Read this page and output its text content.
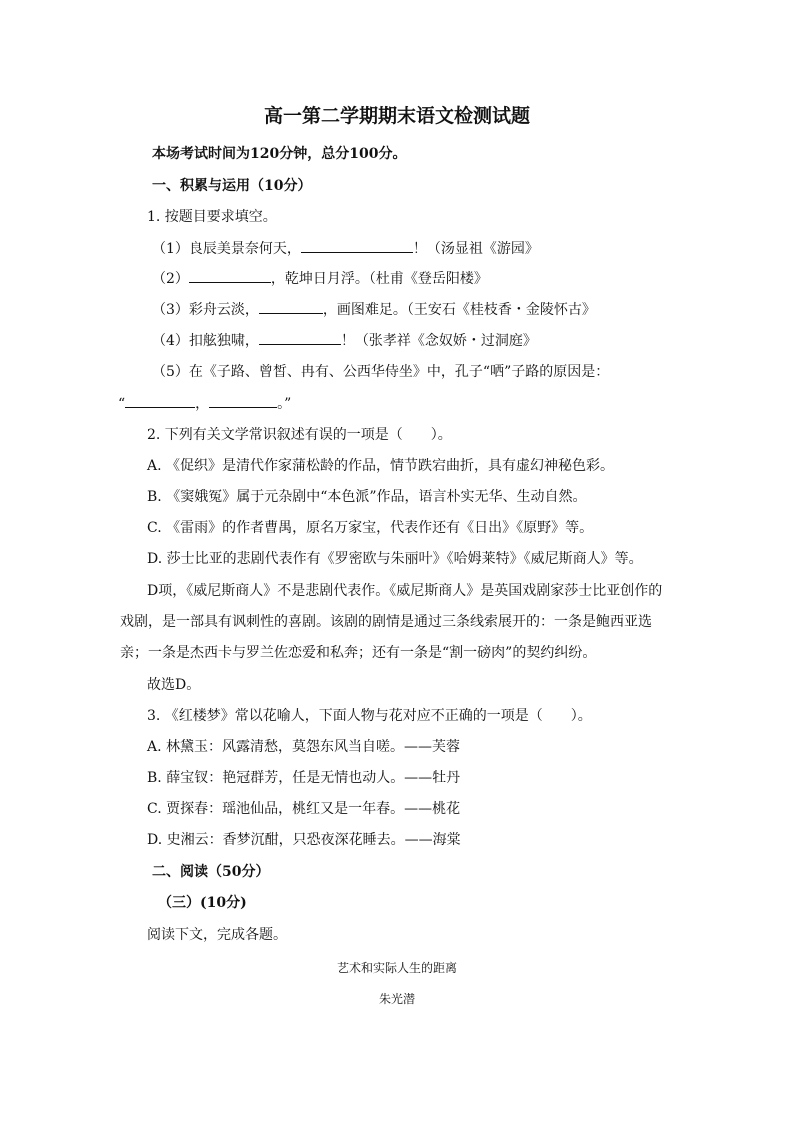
高一第二学期期末语文检测试题
本场考试时间为120分钟，总分100分。
一、积累与运用（10分）
1. 按题目要求填空。
（1）良辰美景奈何天，	！（汤显祖《游园》
（2）	，乾坤日月浮。（杜甫《登岳阳楼》
（3）彩舟云淡，	，画图难足。（王安石《桂枝香・金陵怀古》
（4）扣舷独啸，	！（张孝祥《念奴娇・过洞庭》
（5）在《子路、曾皙、冉有、公西华侍坐》中，孔子“哂”子路的原因是：
“	，	。”
2. 下列有关文学常识叙述有误的一项是（　　）。
A. 《促织》是清代作家蒲松龄的作品，情节跌宕曲折，具有虚幻神秘色彩。
B. 《窦娥冤》属于元杂剧中“本色派”作品，语言朴实无华、生动自然。
C. 《雷雨》的作者曹禺，原名万家宝，代表作还有《日出》《原野》等。
D. 莎士比亚的悲剧代表作有《罗密欧与朱丽叶》《哈姆莱特》《威尼斯商人》等。
D项，《威尼斯商人》不是悲剧代表作。《威尼斯商人》是英国戏剧家莎士比亚创作的
戏剧，是一部具有讽刺性的喜剧。该剧的剧情是通过三条线索展开的：一条是鲍西亚选
亲；一条是杰西卡与罗兰佐恋爱和私奔；还有一条是“割一磅肉”的契约纠纷。
故选D。
3. 《红楼梦》常以花喻人，下面人物与花对应不正确的一项是（　　）。
A. 林黛玉：风露清愁，莫怨东风当自嗟。——芙蓉
B. 薛宝钗：艳冠群芳，任是无情也动人。——牡丹
C. 贾探春：瑶池仙品，桃红又是一年春。——桃花
D. 史湘云：香梦沉酣，只恐夜深花睡去。——海棠
二、阅读（50分）
（三）(10分)
阅读下文，完成各题。
艺术和实际人生的距离
朱光潜
